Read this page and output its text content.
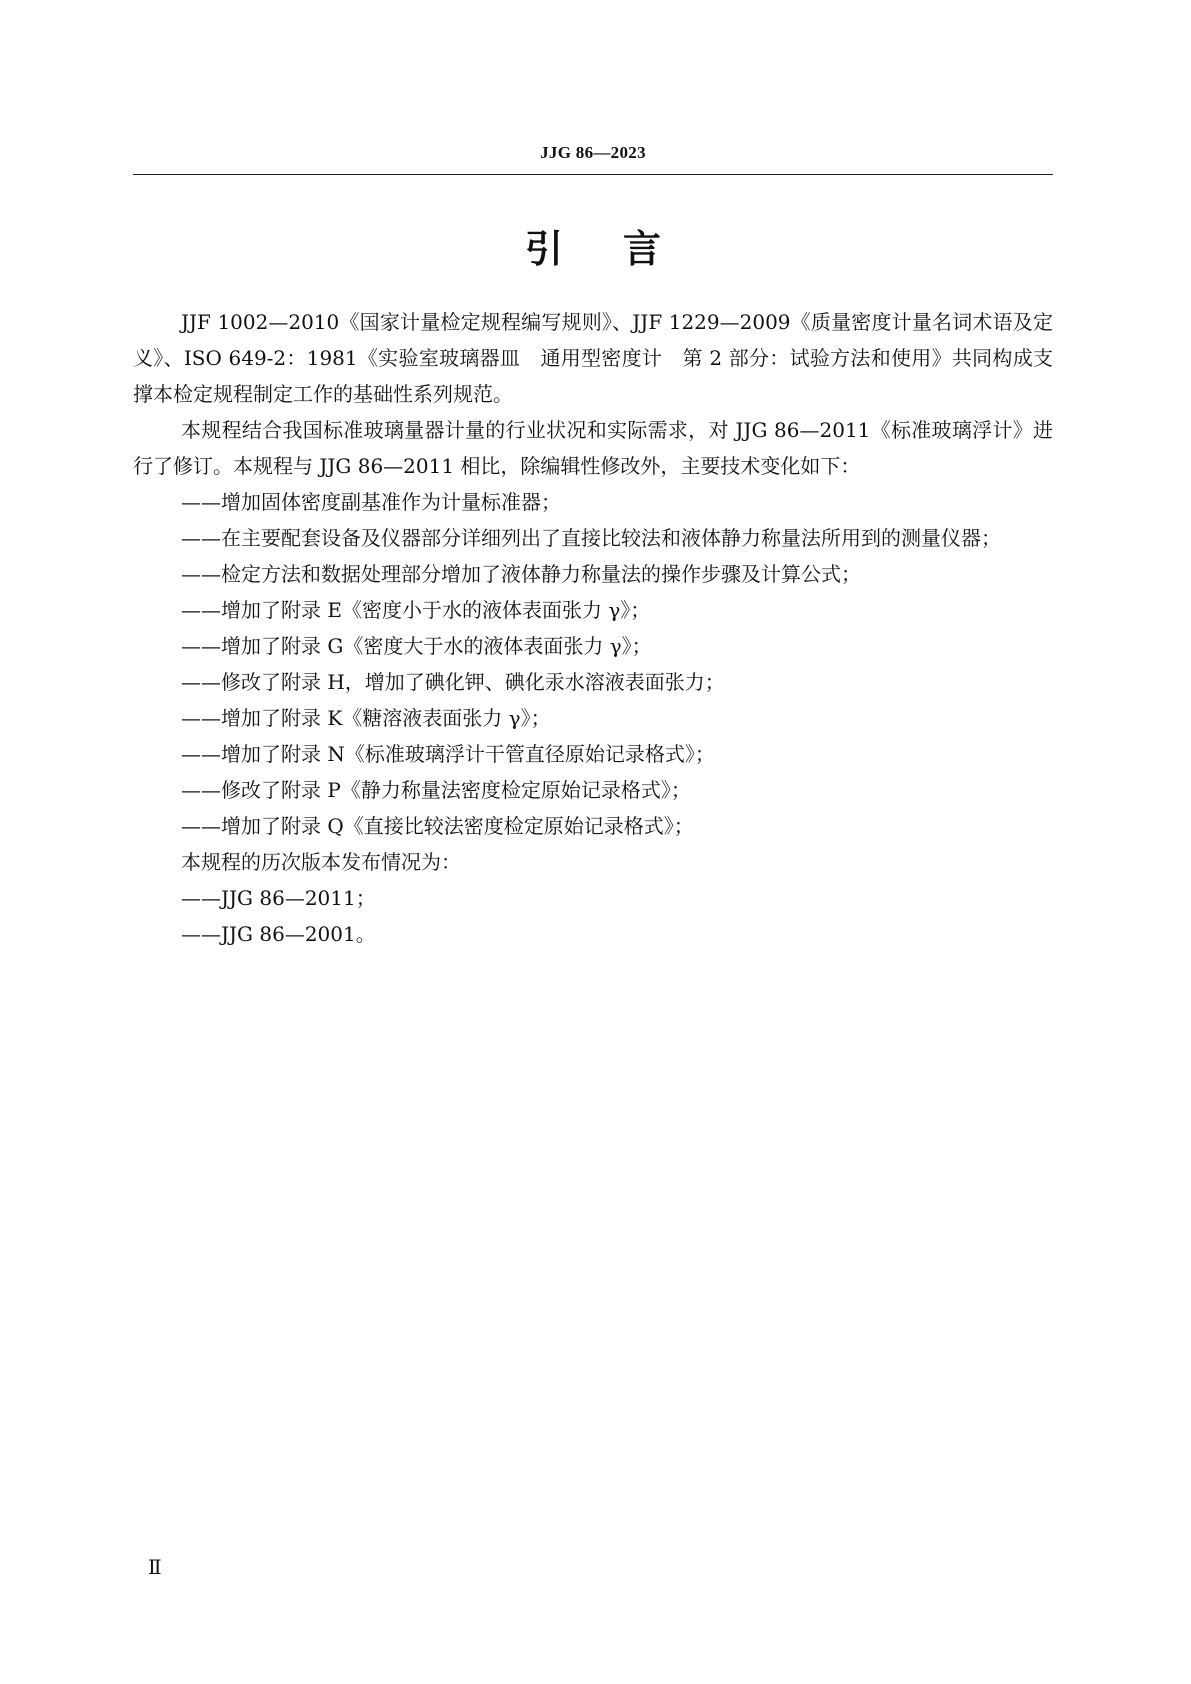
JJG 86—2023
引言

JJF 1002—2010《国家计量检定规程编写规则》、JJF 1229—2009《质量密度计量名词术语及定义》、ISO 649-2：1981《实验室玻璃器皿　通用型密度计　第 2 部分：试验方法和使用》共同构成支撑本检定规程制定工作的基础性系列规范。

本规程结合我国标准玻璃量器计量的行业状况和实际需求，对 JJG 86—2011《标准玻璃浮计》进行了修订。本规程与 JJG 86—2011 相比，除编辑性修改外，主要技术变化如下：

——增加固体密度副基准作为计量标准器；

——在主要配套设备及仪器部分详细列出了直接比较法和液体静力称量法所用到的测量仪器；

——检定方法和数据处理部分增加了液体静力称量法的操作步骤及计算公式；

——增加了附录 E《密度小于水的液体表面张力 γ》；

——增加了附录 G《密度大于水的液体表面张力 γ》；

——修改了附录 H，增加了碘化钾、碘化汞水溶液表面张力；

——增加了附录 K《糖溶液表面张力 γ》；

——增加了附录 N《标准玻璃浮计干管直径原始记录格式》；

——修改了附录 P《静力称量法密度检定原始记录格式》；

——增加了附录 Q《直接比较法密度检定原始记录格式》；

本规程的历次版本发布情况为：

——JJG 86—2011；

——JJG 86—2001。

Ⅱ
